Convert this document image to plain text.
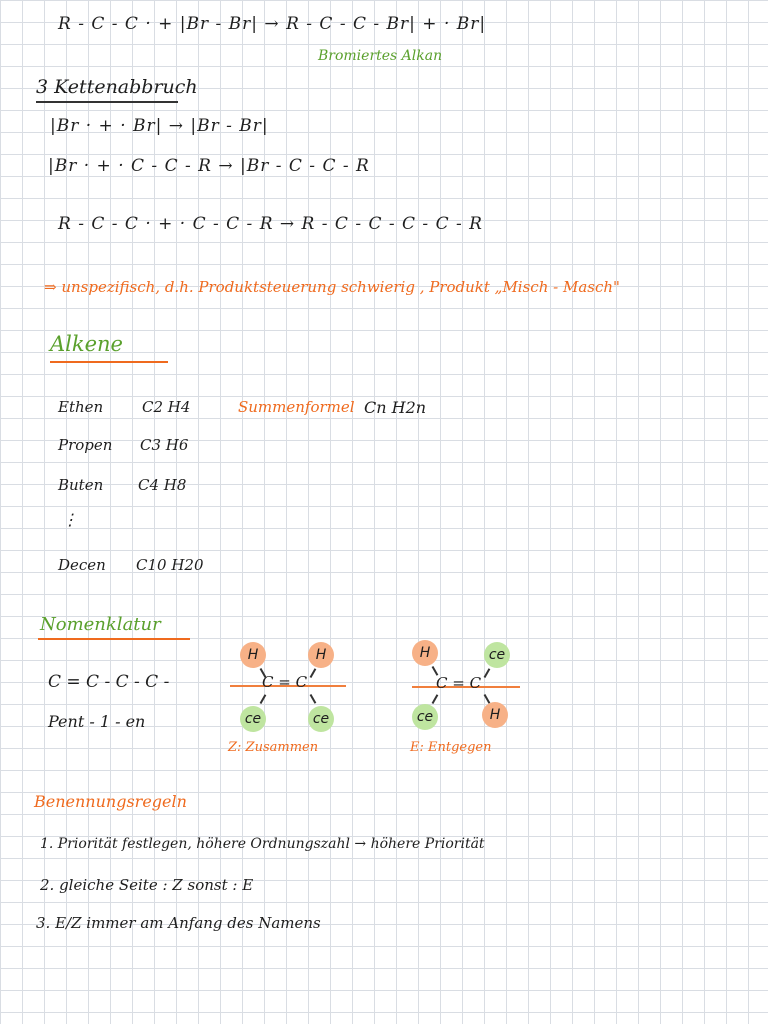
R - C - C · + |Br - Br| → R - C - C - Br| + · Br|
Bromiertes Alkan
3 Kettenabbruch
|Br · + · Br| → |Br - Br|
|Br · + · C - C - R → |Br - C - C - R
R - C - C · + · C - C - R → R - C - C - C - C - R
⇒ unspezifisch, d.h. Produktsteuerung schwierig , Produkt „Misch - Masch"
Alkene
Ethen	C2 H4
Propen C3 H6
Buten C4 H8
⋮
Decen C10 H20
Summenformel Cn H2n
Nomenklatur
C = C - C - C -
Pent - 1 - en
H	H
C = C
ce	ce
Z: Zusammen
H	ce
C = C
ce	H
E: Entgegen
Benennungsregeln
1. Priorität festlegen, höhere Ordnungszahl → höhere Priorität
2. gleiche Seite : Z sonst : E
3. E/Z immer am Anfang des Namens
